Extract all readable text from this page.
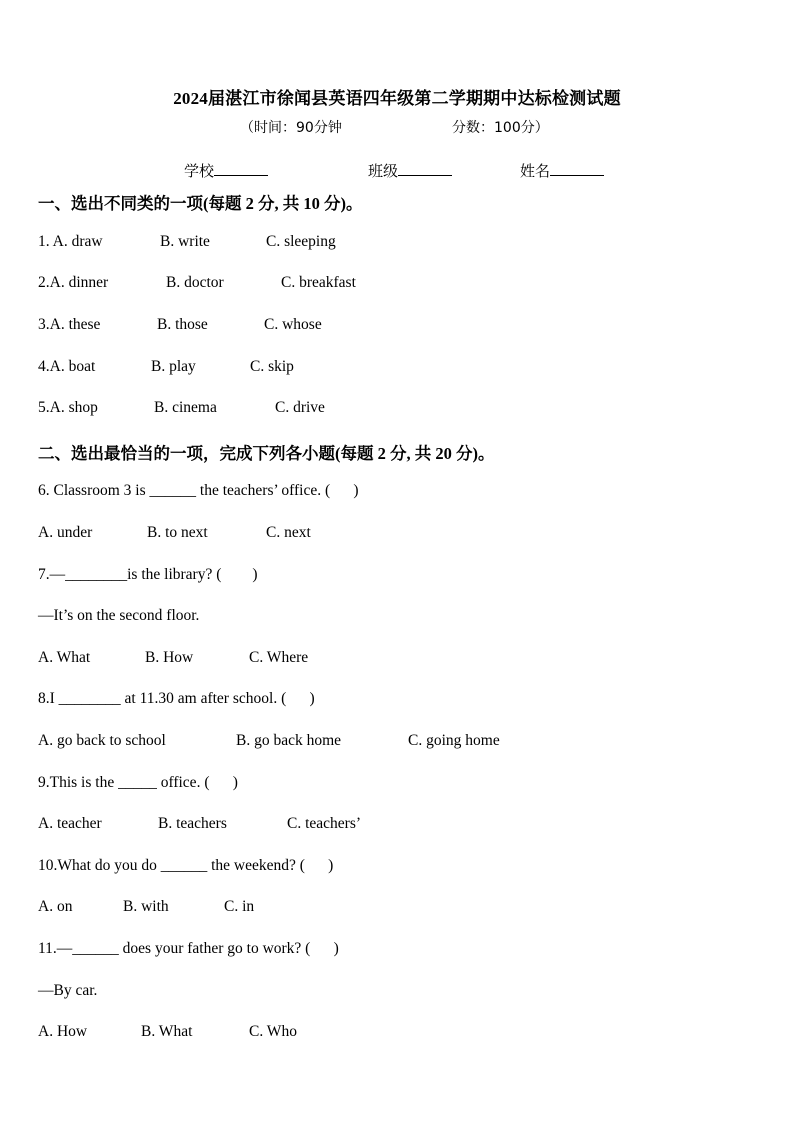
2024届湛江市徐闻县英语四年级第二学期期中达标检测试题
（时间：90分钟	分数：100分）
学校	班级	姓名

一、选出不同类的一项(每题 2 分, 共 10 分)。

1. A. draw	B. write	C. sleeping
2.A. dinner	B. doctor	C. breakfast
3.A. these	B. those	C. whose
4.A. boat	B. play	C. skip
5.A. shop	B. cinema	C. drive

二、选出最恰当的一项，完成下列各小题(每题 2 分, 共 20 分)。

6. Classroom 3 is ______ the teachers’ office. (      )

A. under	B. to next	C. next

7.—________is the library? (        )

—It’s on the second floor.

A. What	B. How	C. Where

8.I ________ at 11.30 am after school. (      )

A. go back to school	B. go back home	C. going home

9.This is the _____ office. (      )

A. teacher	B. teachers	C. teachers’

10.What do you do ______ the weekend? (      )

A. on	B. with	C. in

11.—______ does your father go to work? (      )

—By car.

A. How	B. What	C. Who
